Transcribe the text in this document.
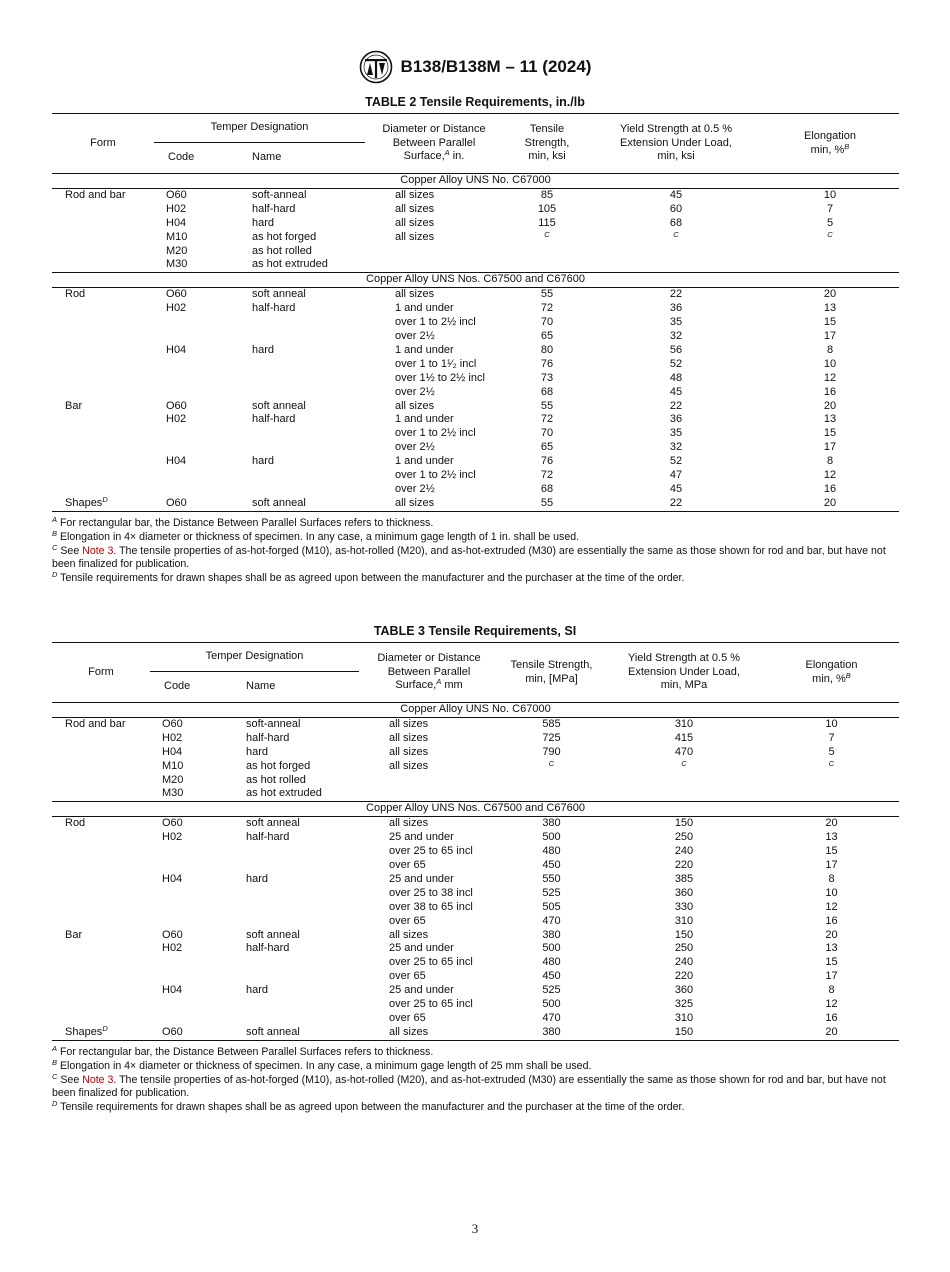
B138/B138M – 11 (2024)
TABLE 2 Tensile Requirements, in./lb
Form	Temper Designation		Diameter or Distance
Between Parallel
Surface,$^A$ in.	Tensile
Strength,
min, ksi	Yield Strength at 0.5 %
Extension Under Load,
min, ksi	Elongation
min, %$^B$
	Code	Name				
Copper Alloy UNS No. C67000						
Rod and bar	O60	soft-anneal	all sizes	85	45	10
	H02	half-hard	all sizes	105	60	7
	H04	hard	all sizes	115	68	5
	M10	as hot forged	all sizes	C	C	C
	M20	as hot rolled				
	M30	as hot extruded				
Copper Alloy UNS Nos. C67500 and C67600						
Rod	O60	soft anneal	all sizes	55	22	20
	H02	half-hard	1 and under	72	36	13
			over 1 to 2½ incl	70	35	15
			over 2½	65	32	17
	H04	hard	1 and under	80	56	8
			over 1 to 1¹⁄₂ incl	76	52	10
			over 1½ to 2½ incl	73	48	12
			over 2½	68	45	16
Bar	O60	soft anneal	all sizes	55	22	20
	H02	half-hard	1 and under	72	36	13
			over 1 to 2½ incl	70	35	15
			over 2½	65	32	17
	H04	hard	1 and under	76	52	8
			over 1 to 2½ incl	72	47	12
			over 2½	68	45	16
Shapes$^D$	O60	soft anneal	all sizes	55	22	20

$^A$ For rectangular bar, the Distance Between Parallel Surfaces refers to thickness.

$^B$ Elongation in 4× diameter or thickness of specimen. In any case, a minimum gage length of 1 in. shall be used.

$^C$ See Note 3. The tensile properties of as-hot-forged (M10), as-hot-rolled (M20), and as-hot-extruded (M30) are essentially the same as those shown for rod and bar, but have not been finalized for publication.

$^D$ Tensile requirements for drawn shapes shall be as agreed upon between the manufacturer and the purchaser at the time of the order.

TABLE 3 Tensile Requirements, SI
Form	Temper Designation		Diameter or Distance
Between Parallel
Surface,$^A$ mm	Tensile Strength,
min, [MPa]	Yield Strength at 0.5 %
Extension Under Load,
min, MPa	Elongation
min, %$^B$
	Code	Name				
Copper Alloy UNS No. C67000						
Rod and bar	O60	soft-anneal	all sizes	585	310	10
	H02	half-hard	all sizes	725	415	7
	H04	hard	all sizes	790	470	5
	M10	as hot forged	all sizes	C	C	C
	M20	as hot rolled				
	M30	as hot extruded				
Copper Alloy UNS Nos. C67500 and C67600						
Rod	O60	soft anneal	all sizes	380	150	20
	H02	half-hard	25 and under	500	250	13
			over 25 to 65 incl	480	240	15
			over 65	450	220	17
	H04	hard	25 and under	550	385	8
			over 25 to 38 incl	525	360	10
			over 38 to 65 incl	505	330	12
			over 65	470	310	16
Bar	O60	soft anneal	all sizes	380	150	20
	H02	half-hard	25 and under	500	250	13
			over 25 to 65 incl	480	240	15
			over 65	450	220	17
	H04	hard	25 and under	525	360	8
			over 25 to 65 incl	500	325	12
			over 65	470	310	16
Shapes$^D$	O60	soft anneal	all sizes	380	150	20

$^A$ For rectangular bar, the Distance Between Parallel Surfaces refers to thickness.

$^B$ Elongation in 4× diameter or thickness of specimen. In any case, a minimum gage length of 25 mm shall be used.

$^C$ See Note 3. The tensile properties of as-hot-forged (M10), as-hot-rolled (M20), and as-hot-extruded (M30) are essentially the same as those shown for rod and bar, but have not been finalized for publication.

$^D$ Tensile requirements for drawn shapes shall be as agreed upon between the manufacturer and the purchaser at the time of the order.

3
